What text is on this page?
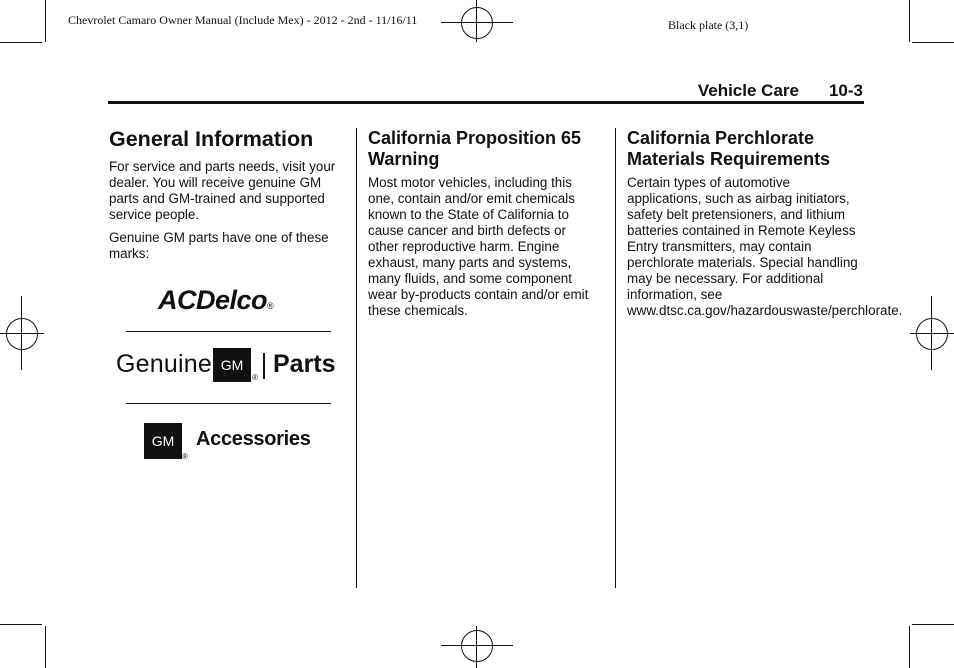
Chevrolet Camaro Owner Manual (Include Mex) - 2012 - 2nd - 11/16/11	Black plate (3,1)
Vehicle Care 10-3
General Information

For service and parts needs, visit your dealer. You will receive genuine GM parts and GM-trained and supported service people.

Genuine GM parts have one of these marks:

ACDelco®
Genuine GM
® Parts
GM
®
Accessories
California Proposition 65 Warning

Most motor vehicles, including this one, contain and/or emit chemicals known to the State of California to cause cancer and birth defects or other reproductive harm. Engine exhaust, many parts and systems, many fluids, and some component wear by-products contain and/or emit these chemicals.

California Perchlorate Materials Requirements

Certain types of automotive applications, such as airbag initiators, safety belt pretensioners, and lithium batteries contained in Remote Keyless Entry transmitters, may contain perchlorate materials. Special handling may be necessary. For additional information, see www.dtsc.ca.gov/hazardouswaste/perchlorate.
